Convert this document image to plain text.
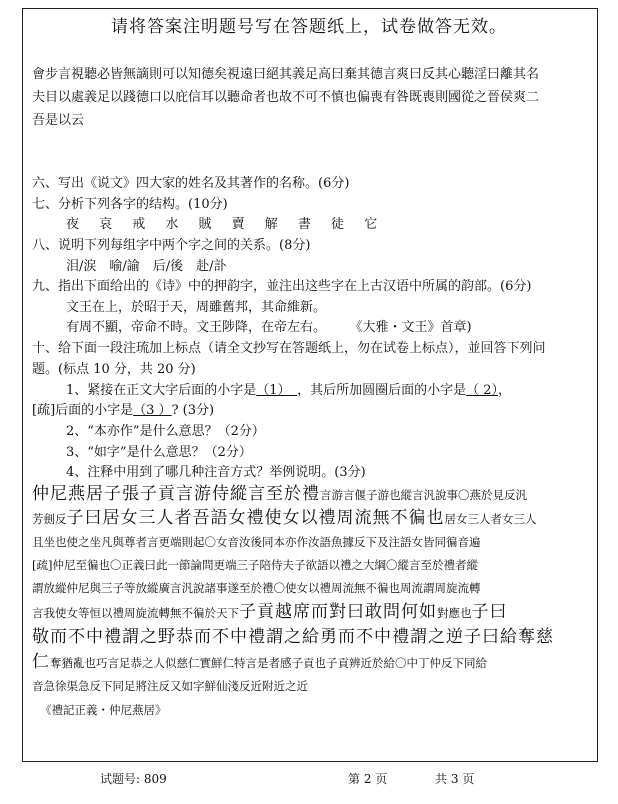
请将答案注明题号写在答题纸上，试卷做答无效。
會步言視聽必皆無謫則可以知德矣視遠曰絕其義足高曰棄其德言爽曰反其心聽淫曰離其名
夫目以處義足以踐德口以庇信耳以聽命者也故不可不慎也偏喪有咎既喪則國從之晉侯爽二
吾是以云
六、写出《说文》四大家的姓名及其著作的名称。(6分)
七、分析下列各字的结构。(10分)
夜 哀 戒 水 賊 賣 解 書 徒 它
八、说明下列每组字中两个字之间的关系。(8分)
泪/涙　喻/諭　后/後　赴/訃
九、指出下面给出的《诗》中的押韵字，並注出这些字在上古汉语中所属的韵部。(6分)
文王在上，於昭于天，周雖舊邦，其命維新。
有周不顯，帝命不時。文王陟降，在帝左右。 《大雅・文王》首章)
十、给下面一段注琉加上标点（请全文抄写在答题纸上，勿在试卷上标点），並回答下列问
题。(标点 10 分，共 20 分)
1、紧接在正文大字后面的小字是（1）　，其后所加圆圈后面的小字是（ 2），
[疏]后面的小字是（3 ）? (3分)
2、“本亦作”是什么意思？（2分）
3、“如字”是什么意思？（2分）
4、注释中用到了哪几种注音方式？举例说明。(3分)
仲尼燕居子張子貢言游侍縱言至於禮言游言偃子游也縱言汎說事〇燕於見反汎
芳劍反子曰居女三人者吾語女禮使女以禮周流無不徧也居女三人者女三人
且坐也使之坐凡與尊者言更端則起〇女音汝後同本亦作汝語魚據反下及注語女皆同徧音遍
[疏]仲尼至徧也〇正義曰此一節論問更端三子陪侍夫子欲語以禮之大綱〇縱言至於禮者縱
謂放縱仲尼與三子等放縱廣言汎說諸事遂至於禮〇使女以禮周流無不徧也周流謂周旋流轉
言我使女等恒以禮周旋流轉無不徧於天下子貢越席而對曰敢問何如對應也子曰
敬而不中禮謂之野恭而不中禮謂之給勇而不中禮謂之逆子曰給奪慈
仁奪猶亂也巧言足恭之人似慈仁實鮮仁特言是者感子貢也子貢辨近於給〇中丁仲反下同給
音急徐渠急反下同足將注反又如字鮮仙淺反近附近之近
《禮記正義・仲尼燕居》
试题号: 809	第 2 页	共 3 页
